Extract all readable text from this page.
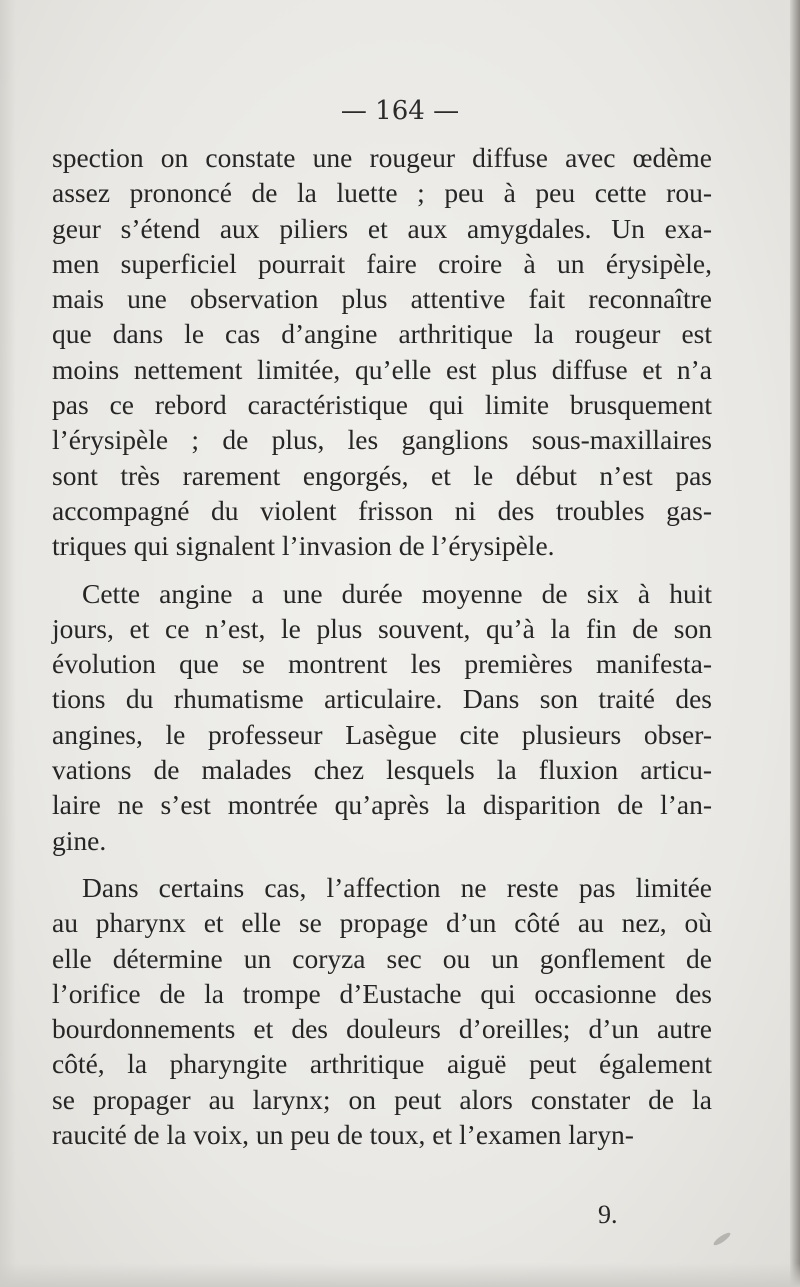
— 164 —

spection on constate une rougeur diffuse avec œdème
assez prononcé de la luette ; peu à peu cette rou-
geur s’étend aux piliers et aux amygdales. Un exa-
men superficiel pourrait faire croire à un érysipèle,
mais une observation plus attentive fait reconnaître
que dans le cas d’angine arthritique la rougeur est
moins nettement limitée, qu’elle est plus diffuse et n’a
pas ce rebord caractéristique qui limite brusquement
l’érysipèle ; de plus, les ganglions sous-maxillaires
sont très rarement engorgés, et le début n’est pas
accompagné du violent frisson ni des troubles gas-
triques qui signalent l’invasion de l’érysipèle.
Cette angine a une durée moyenne de six à huit
jours, et ce n’est, le plus souvent, qu’à la fin de son
évolution que se montrent les premières manifesta-
tions du rhumatisme articulaire. Dans son traité des
angines, le professeur Lasègue cite plusieurs obser-
vations de malades chez lesquels la fluxion articu-
laire ne s’est montrée qu’après la disparition de l’an-
gine.
Dans certains cas, l’affection ne reste pas limitée
au pharynx et elle se propage d’un côté au nez, où
elle détermine un coryza sec ou un gonflement de
l’orifice de la trompe d’Eustache qui occasionne des
bourdonnements et des douleurs d’oreilles; d’un autre
côté, la pharyngite arthritique aiguë peut également
se propager au larynx; on peut alors constater de la
raucité de la voix, un peu de toux, et l’examen laryn-
9.
